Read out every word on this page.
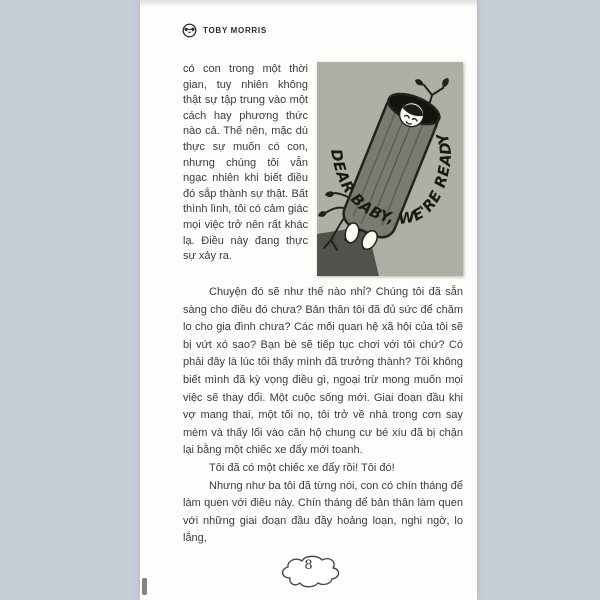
TOBY MORRIS
DEAR BABY, WE'RE READY

có con trong một thời gian, tuy nhiên không thật sự tập trung vào một cách hay phương thức nào cả. Thế nên, mặc dù thực sự muốn có con, nhưng chúng tôi vẫn ngạc nhiên khi biết điều đó sắp thành sự thật. Bất thình lình, tôi có cảm giác mọi việc trở nên rất khác lạ. Điều này đang thực sự xảy ra.

Chuyện đó sẽ như thế nào nhỉ? Chúng tôi đã sẵn sàng cho điều đó chưa? Bản thân tôi đã đủ sức để chăm lo cho gia đình chưa? Các mối quan hệ xã hội của tôi sẽ bị vứt xó sao? Bạn bè sẽ tiếp tục chơi với tôi chứ? Có phải đây là lúc tôi thấy mình đã trưởng thành? Tôi không biết mình đã kỳ vọng điều gì, ngoại trừ mong muốn mọi việc sẽ thay đổi. Một cuộc sống mới. Giai đoạn đầu khi vợ mang thai, một tối nọ, tôi trở về nhà trong cơn say mèm và thấy lối vào căn hộ chung cư bé xíu đã bị chặn lại bằng một chiếc xe đẩy mới toanh.

Tôi đã có một chiếc xe đẩy rồi! Tôi đó!

Nhưng như ba tôi đã từng nói, con có chín tháng để làm quen với điều này. Chín tháng để bản thân làm quen với những giai đoạn đầu đầy hoảng loạn, nghi ngờ, lo lắng,

8
